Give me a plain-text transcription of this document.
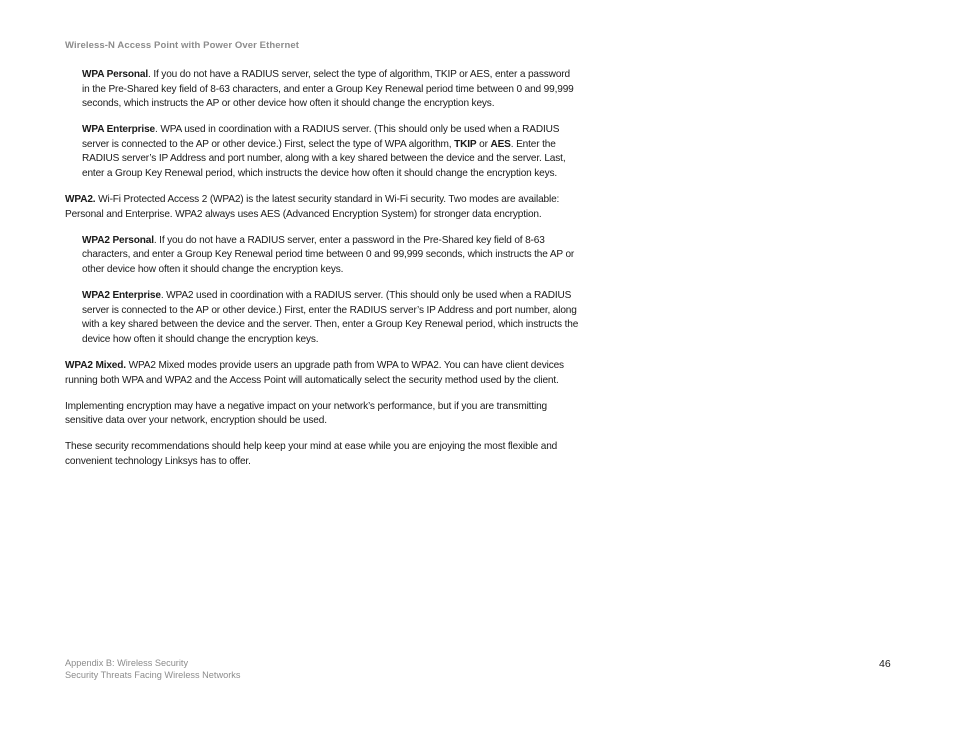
Wireless-N Access Point with Power Over Ethernet

WPA Personal. If you do not have a RADIUS server, select the type of algorithm, TKIP or AES, enter a password in the Pre-Shared key field of 8-63 characters, and enter a Group Key Renewal period time between 0 and 99,999 seconds, which instructs the AP or other device how often it should change the encryption keys.

WPA Enterprise. WPA used in coordination with a RADIUS server. (This should only be used when a RADIUS server is connected to the AP or other device.) First, select the type of WPA algorithm, TKIP or AES. Enter the RADIUS server’s IP Address and port number, along with a key shared between the device and the server. Last, enter a Group Key Renewal period, which instructs the device how often it should change the encryption keys.

WPA2. Wi-Fi Protected Access 2 (WPA2) is the latest security standard in Wi-Fi security. Two modes are available: Personal and Enterprise. WPA2 always uses AES (Advanced Encryption System) for stronger data encryption.

WPA2 Personal. If you do not have a RADIUS server, enter a password in the Pre-Shared key field of 8-63 characters, and enter a Group Key Renewal period time between 0 and 99,999 seconds, which instructs the AP or other device how often it should change the encryption keys.

WPA2 Enterprise. WPA2 used in coordination with a RADIUS server. (This should only be used when a RADIUS server is connected to the AP or other device.) First, enter the RADIUS server’s IP Address and port number, along with a key shared between the device and the server. Then, enter a Group Key Renewal period, which instructs the device how often it should change the encryption keys.

WPA2 Mixed. WPA2 Mixed modes provide users an upgrade path from WPA to WPA2. You can have client devices running both WPA and WPA2 and the Access Point will automatically select the security method used by the client.

Implementing encryption may have a negative impact on your network’s performance, but if you are transmitting sensitive data over your network, encryption should be used.

These security recommendations should help keep your mind at ease while you are enjoying the most flexible and convenient technology Linksys has to offer.

Appendix B: Wireless Security
Security Threats Facing Wireless Networks
46
